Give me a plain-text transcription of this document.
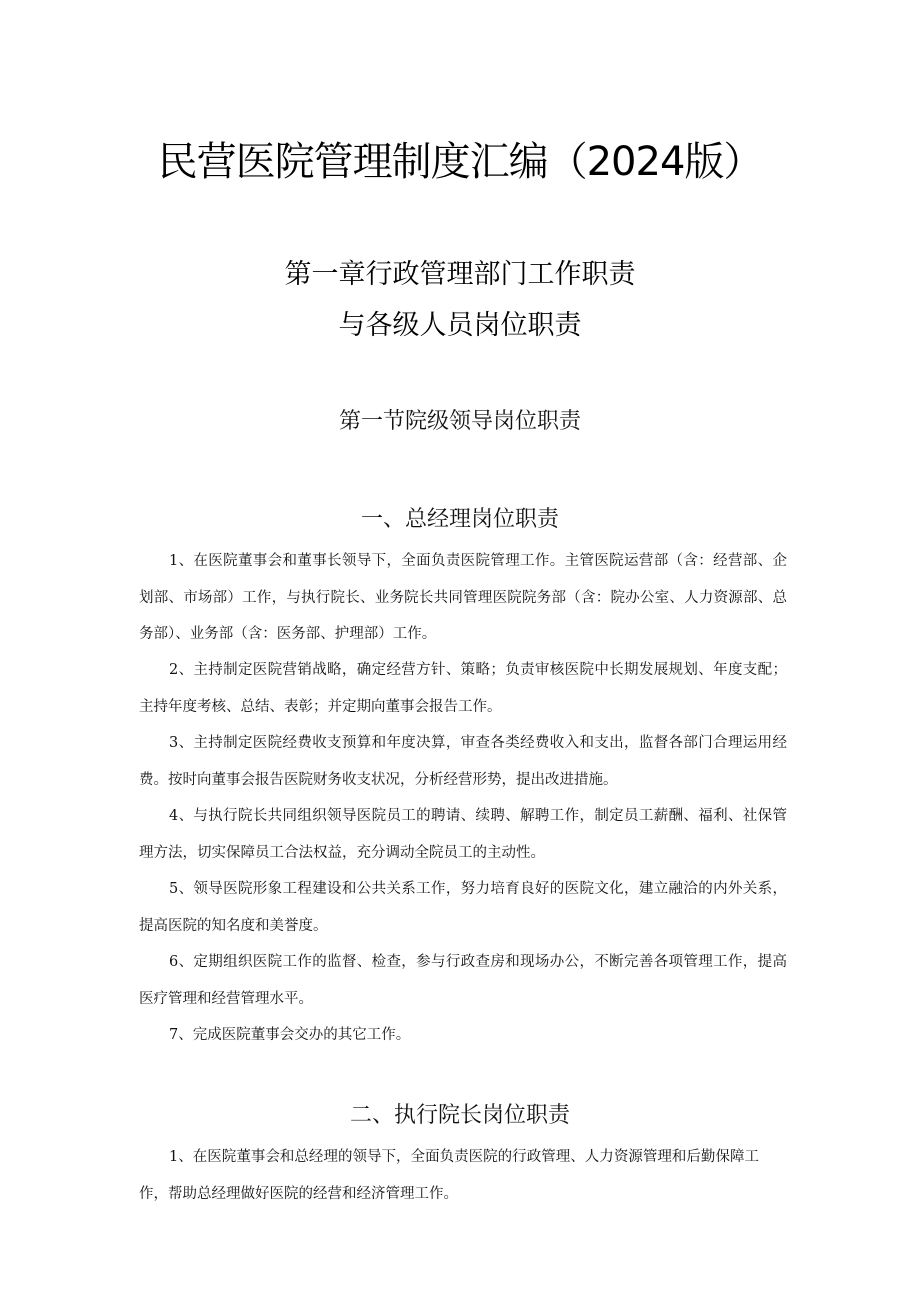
民营医院管理制度汇编（2024版）
第一章行政管理部门工作职责
与各级人员岗位职责
第一节院级领导岗位职责
一、总经理岗位职责

1、在医院董事会和董事长领导下，全面负责医院管理工作。主管医院运营部（含：经营部、企划部、市场部）工作，与执行院长、业务院长共同管理医院院务部（含：院办公室、人力资源部、总务部）、业务部（含：医务部、护理部）工作。

2、主持制定医院营销战略，确定经营方针、策略；负责审核医院中长期发展规划、年度支配；主持年度考核、总结、表彰；并定期向董事会报告工作。

3、主持制定医院经费收支预算和年度决算，审查各类经费收入和支出，监督各部门合理运用经费。按时向董事会报告医院财务收支状况，分析经营形势，提出改进措施。

4、与执行院长共同组织领导医院员工的聘请、续聘、解聘工作，制定员工薪酬、福利、社保管理方法，切实保障员工合法权益，充分调动全院员工的主动性。

5、领导医院形象工程建设和公共关系工作，努力培育良好的医院文化，建立融洽的内外关系，提高医院的知名度和美誉度。

6、定期组织医院工作的监督、检查，参与行政查房和现场办公，不断完善各项管理工作，提高医疗管理和经营管理水平。

7、完成医院董事会交办的其它工作。

二、执行院长岗位职责

1、在医院董事会和总经理的领导下，全面负责医院的行政管理、人力资源管理和后勤保障工作，帮助总经理做好医院的经营和经济管理工作。
